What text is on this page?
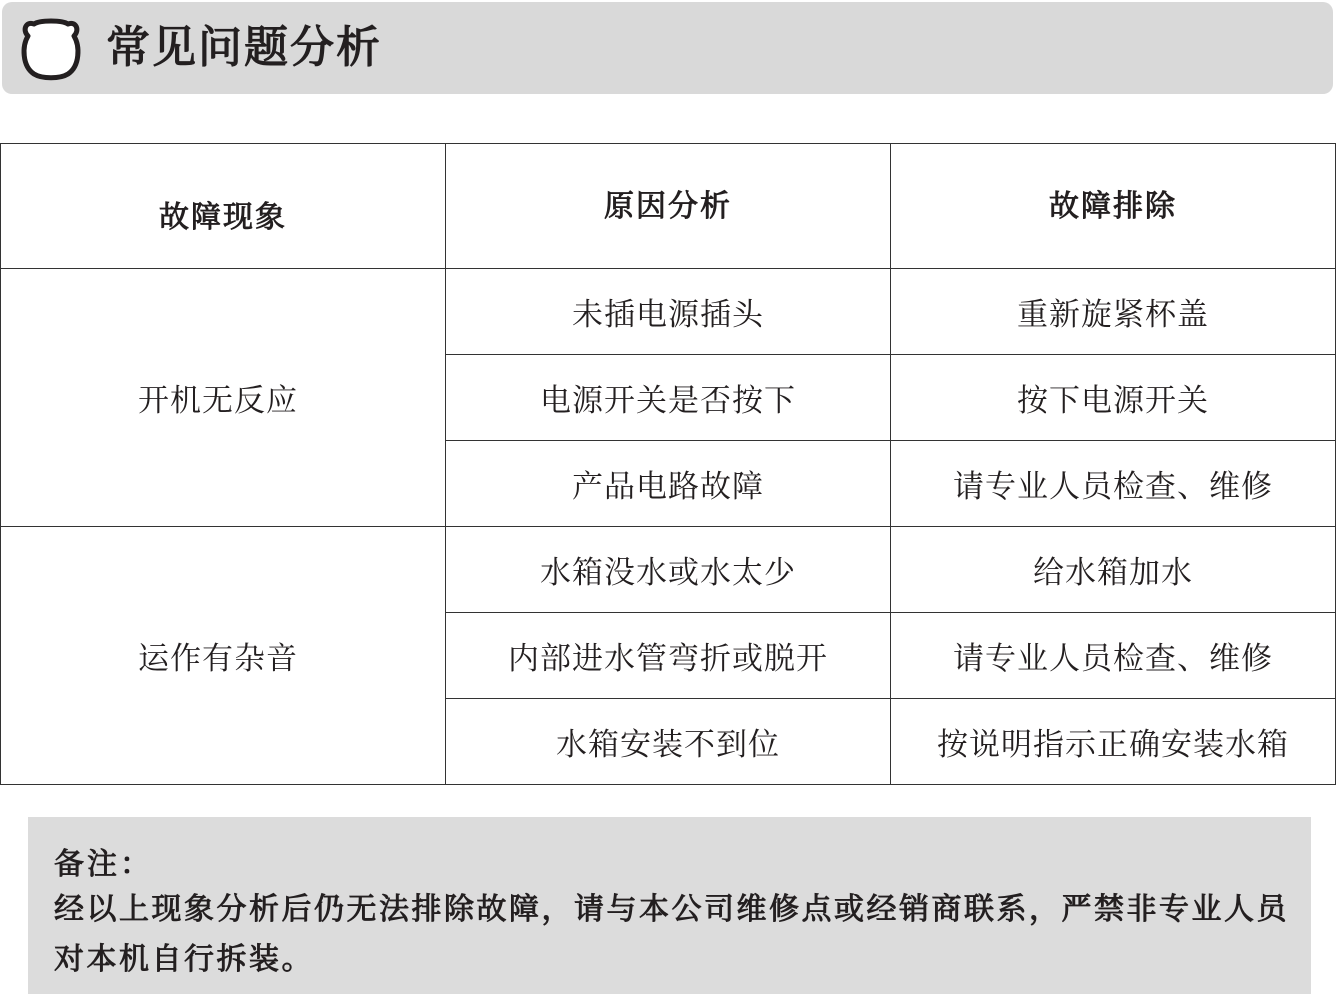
常见问题分析
故障现象	原因分析	故障排除
开机无反应	未插电源插头	重新旋紧杯盖
	电源开关是否按下	按下电源开关
	产品电路故障	请专业人员检查、维修
运作有杂音	水箱没水或水太少	给水箱加水
	内部进水管弯折或脱开	请专业人员检查、维修
	水箱安装不到位	按说明指示正确安装水箱
备注：
经以上现象分析后仍无法排除故障，请与本公司维修点或经销商联系，严禁非专业人员对本机自行拆装。
